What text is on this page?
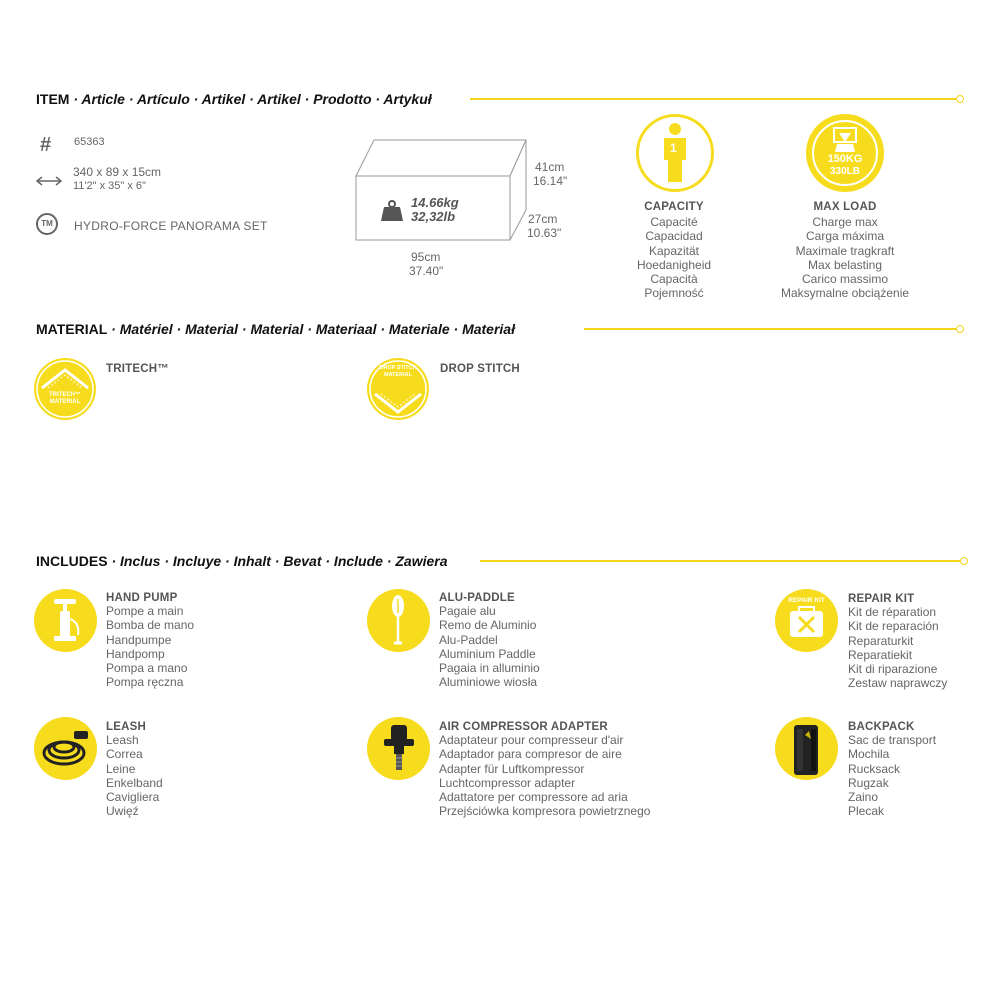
ITEM · Article · Artículo · Artikel · Artikel · Prodotto · Artykuł
# 65363
340 x 89 x 15cm
11'2" x 35" x 6"
TM	HYDRO-FORCE PANORAMA SET
14.66kg
32,32lb
41cm
16.14"
27cm
10.63"
95cm
37.40"
1
CAPACITY
Capacité
Capacidad
Kapazität
Hoedanigheid
Capacità
Pojemność
150KG
330LB
MAX LOAD
Charge max
Carga máxima
Maximale tragkraft
Max belasting
Carico massimo
Maksymalne obciążenie
MATERIAL · Matériel · Material · Material · Materiaal · Materiale · Materiał
TRITECH™
MATERIAL
TRITECH™	DROP STITCH
MATERIAL	DROP STITCH
INCLUDES · Inclus · Incluye · Inhalt · Bevat · Include · Zawiera
HAND PUMP
Pompe a main
Bomba de mano
Handpumpe
Handpomp
Pompa a mano
Pompa ręczna
ALU-PADDLE
Pagaie alu
Remo de Aluminio
Alu-Paddel
Aluminium Paddle
Pagaia in alluminio
Aluminiowe wiosła
REPAIR KIT	REPAIR KIT
Kit de réparation
Kit de reparación
Reparaturkit
Reparatiekit
Kit di riparazione
Zestaw naprawczy
LEASH
Leash
Correa
Leine
Enkelband
Cavigliera
Uwięź
AIR COMPRESSOR ADAPTER
Adaptateur pour compresseur d'air
Adaptador para compresor de aire
Adapter für Luftkompressor
Luchtcompressor adapter
Adattatore per compressore ad aria
Przejściówka kompresora powietrznego
BACKPACK
Sac de transport
Mochila
Rucksack
Rugzak
Zaino
Plecak
